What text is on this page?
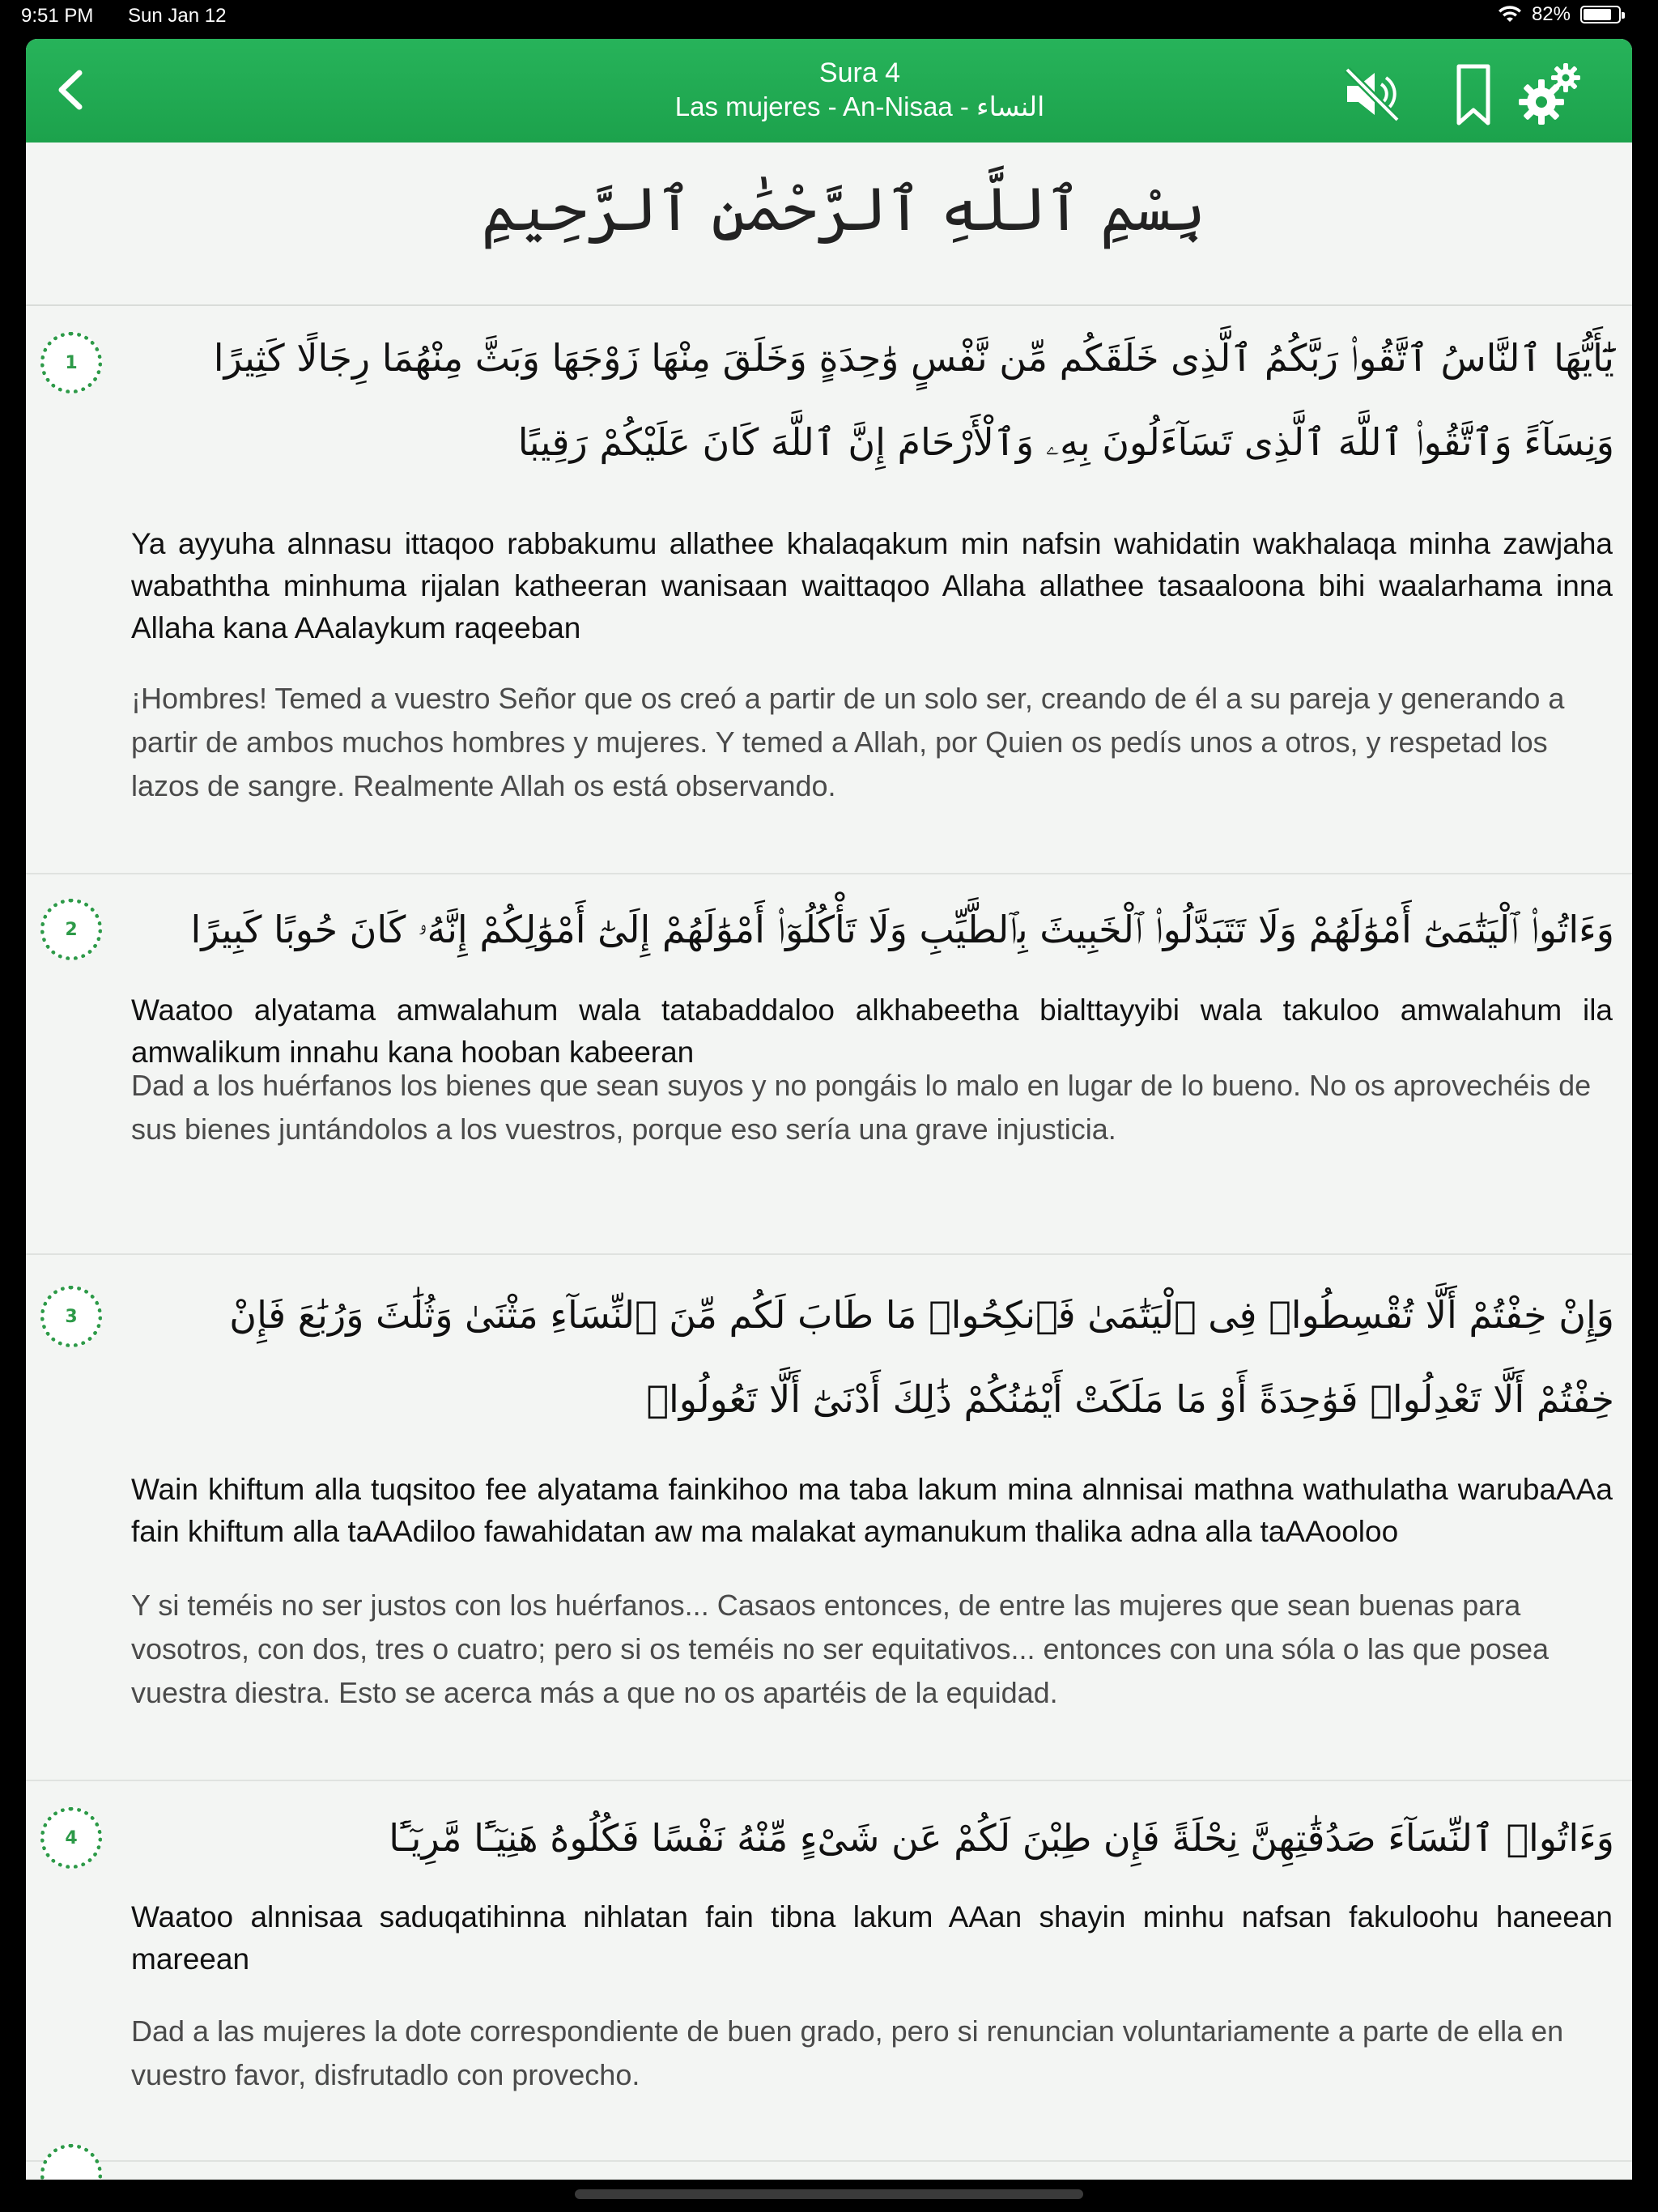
9:51 PM Sun Jan 12	82%
Sura 4
Las mujeres - An-Nisaa - النساء
بِسْمِ ٱللَّهِ ٱلرَّحْمَٰنِ ٱلرَّحِيمِ
1	يَٰٓأَيُّهَا ٱلنَّاسُ ٱتَّقُوا۟ رَبَّكُمُ ٱلَّذِى خَلَقَكُم مِّن نَّفْسٍ وَٰحِدَةٍ وَخَلَقَ مِنْهَا زَوْجَهَا وَبَثَّ مِنْهُمَا رِجَالًا كَثِيرًا وَنِسَآءً وَٱتَّقُوا۟ ٱللَّهَ ٱلَّذِى تَسَآءَلُونَ بِهِۦ وَٱلْأَرْحَامَ إِنَّ ٱللَّهَ كَانَ عَلَيْكُمْ رَقِيبًا
Ya ayyuha alnnasu ittaqoo rabbakumu allathee khalaqakum min nafsin wahidatin wakhalaqa minha zawjaha wabaththa minhuma rijalan katheeran wanisaan waittaqoo Allaha allathee tasaaloona bihi waalarhama inna Allaha kana AAalaykum raqeeban
¡Hombres! Temed a vuestro Señor que os creó a partir de un solo ser, creando de él a su pareja y generando a partir de ambos muchos hombres y mujeres. Y temed a Allah, por Quien os pedís unos a otros, y respetad los lazos de sangre. Realmente Allah os está observando.
2	وَءَاتُوا۟ ٱلْيَتَٰمَىٰٓ أَمْوَٰلَهُمْ وَلَا تَتَبَدَّلُوا۟ ٱلْخَبِيثَ بِٱلطَّيِّبِ وَلَا تَأْكُلُوٓا۟ أَمْوَٰلَهُمْ إِلَىٰٓ أَمْوَٰلِكُمْ إِنَّهُۥ كَانَ حُوبًا كَبِيرًا
Waatoo alyatama amwalahum wala tatabaddaloo alkhabeetha bialttayyibi wala takuloo amwalahum ila amwalikum innahu kana hooban kabeeran
Dad a los huérfanos los bienes que sean suyos y no pongáis lo malo en lugar de lo bueno. No os aprovechéis de sus bienes juntándolos a los vuestros, porque eso sería una grave injusticia.
3	وَإِنْ خِفْتُمْ أَلَّا تُقْسِطُوا۟ فِى ٱلْيَتَٰمَىٰ فَٱنكِحُوا۟ مَا طَابَ لَكُم مِّنَ ٱلنِّسَآءِ مَثْنَىٰ وَثُلَٰثَ وَرُبَٰعَ فَإِنْ خِفْتُمْ أَلَّا تَعْدِلُوا۟ فَوَٰحِدَةً أَوْ مَا مَلَكَتْ أَيْمَٰنُكُمْ ذَٰلِكَ أَدْنَىٰٓ أَلَّا تَعُولُوا۟
Wain khiftum alla tuqsitoo fee alyatama fainkihoo ma taba lakum mina alnnisai mathna wathulatha warubaAAa fain khiftum alla taAAdiloo fawahidatan aw ma malakat aymanukum thalika adna alla taAAooloo
Y si teméis no ser justos con los huérfanos... Casaos entonces, de entre las mujeres que sean buenas para vosotros, con dos, tres o cuatro; pero si os teméis no ser equitativos... entonces con una sóla o las que posea vuestra diestra. Esto se acerca más a que no os apartéis de la equidad.
4	وَءَاتُوا۟ ٱلنِّسَآءَ صَدُقَٰتِهِنَّ نِحْلَةً فَإِن طِبْنَ لَكُمْ عَن شَىْءٍ مِّنْهُ نَفْسًا فَكُلُوهُ هَنِيٓـًٔا مَّرِيٓـًٔا
Waatoo alnnisaa saduqatihinna nihlatan fain tibna lakum AAan shayin minhu nafsan fakuloohu haneean mareean
Dad a las mujeres la dote correspondiente de buen grado, pero si renuncian voluntariamente a parte de ella en vuestro favor, disfrutadlo con provecho.
